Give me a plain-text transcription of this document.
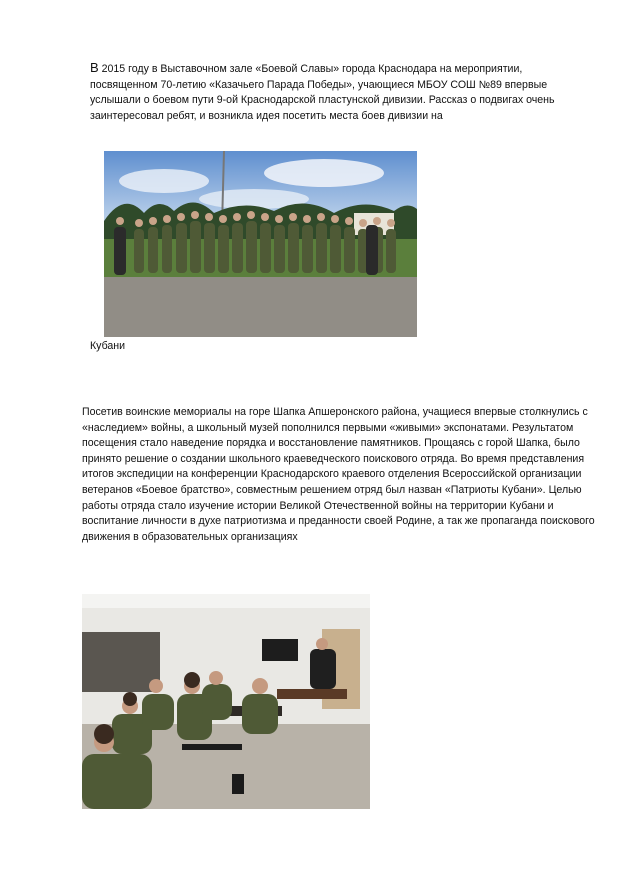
В 2015 году в Выставочном зале «Боевой Славы» города Краснодара на мероприятии, посвященном 70-летию «Казачьего Парада Победы», учающиеся МБОУ СОШ №89 впервые услышали о боевом пути 9-ой Краснодарской пластунской дивизии. Рассказ о подвигах очень заинтересовал ребят, и возникла идея посетить места боев дивизии на

Кубани

Посетив воинские мемориалы на горе Шапка Апшеронского района, учащиеся впервые столкнулись с «наследием» войны, а школьный музей пополнился первыми «живыми» экспонатами. Результатом посещения стало наведение порядка и восстановление памятников. Прощаясь с горой Шапка, было принято решение о создании школьного краеведческого поискового отряда. Во время представления итогов экспедиции на конференции Краснодарского краевого отделения Всероссийской организации ветеранов «Боевое братство», совместным решением отряд был назван «Патриоты Кубани». Целью работы отряда стало изучение истории Великой Отечественной войны на территории Кубани и воспитание личности в духе патриотизма и преданности своей Родине, а так же пропаганда поискового движения в образовательных организациях
